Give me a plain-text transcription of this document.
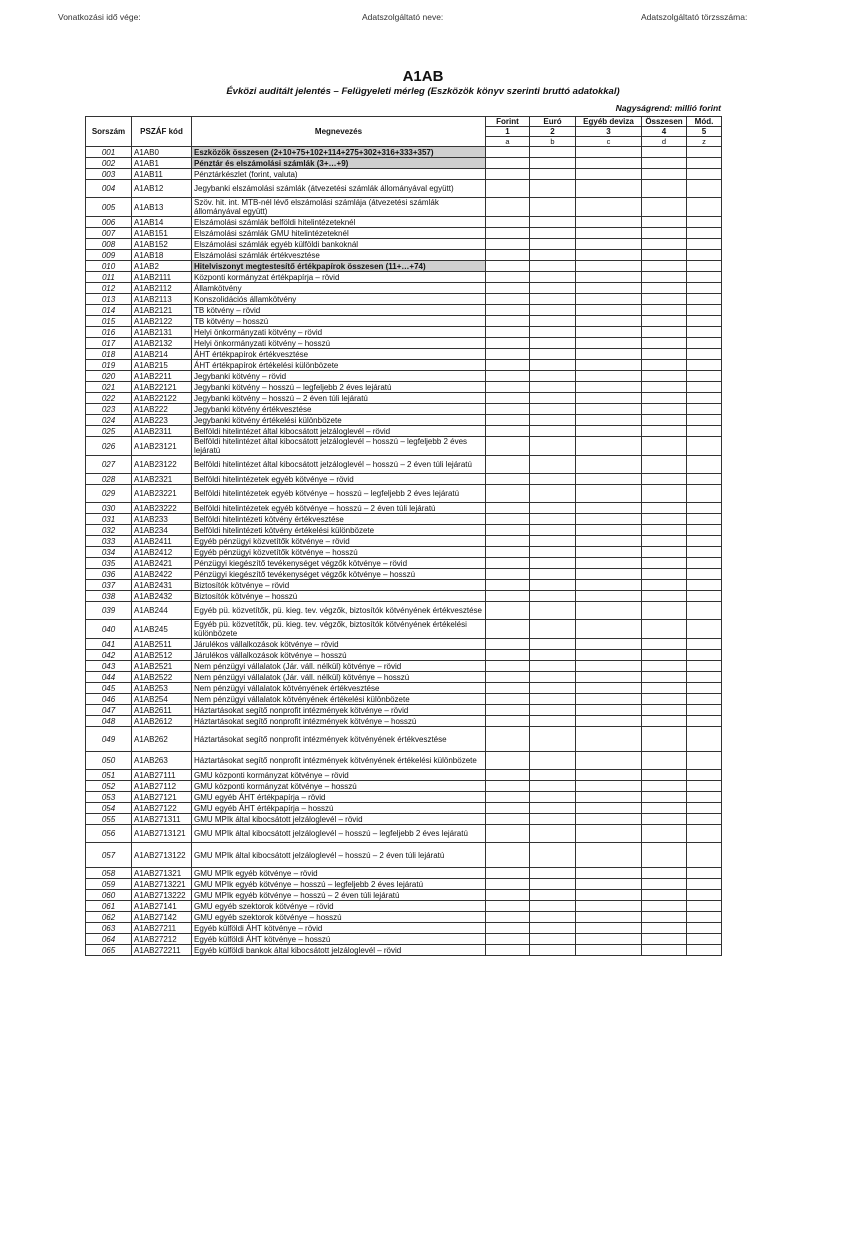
Vonatkozási idő vége:	Adatszolgáltató neve:	Adatszolgáltató törzsszáma:
A1AB
Évközi auditált jelentés – Felügyeleti mérleg (Eszközök könyv szerinti bruttó adatokkal)
Nagyságrend: millió forint
Sorszám	PSZÁF kód	Megnevezés	Forint	Euró	Egyéb deviza	Összesen	Mód.
			1	2	3	4	5
			a	b	c	d	z
001	A1AB0	Eszközök összesen (2+10+75+102+114+275+302+316+333+357)					
002	A1AB1	Pénztár és elszámolási számlák (3+…+9)					
003	A1AB11	Pénztárkészlet (forint, valuta)					
004	A1AB12	Jegybanki elszámolási számlák (átvezetési számlák állományával együtt)					
005	A1AB13	Szöv. hit. int. MTB-nél lévő elszámolási számlája (átvezetési számlák állományával együtt)					
006	A1AB14	Elszámolási számlák belföldi hitelintézeteknél					
007	A1AB151	Elszámolási számlák GMU hitelintézeteknél					
008	A1AB152	Elszámolási számlák egyéb külföldi bankoknál					
009	A1AB18	Elszámolási számlák értékvesztése					
010	A1AB2	Hitelviszonyt megtestesítő értékpapírok összesen (11+…+74)					
011	A1AB2111	Központi kormányzat értékpapírja – rövid					
012	A1AB2112	Államkötvény					
013	A1AB2113	Konszolidációs államkötvény					
014	A1AB2121	TB kötvény – rövid					
015	A1AB2122	TB kötvény – hosszú					
016	A1AB2131	Helyi önkormányzati kötvény – rövid					
017	A1AB2132	Helyi önkormányzati kötvény – hosszú					
018	A1AB214	ÁHT értékpapírok értékvesztése					
019	A1AB215	ÁHT értékpapírok értékelési különbözete					
020	A1AB2211	Jegybanki kötvény – rövid					
021	A1AB22121	Jegybanki kötvény – hosszú – legfeljebb 2 éves lejáratú					
022	A1AB22122	Jegybanki kötvény – hosszú – 2 éven túli lejáratú					
023	A1AB222	Jegybanki kötvény értékvesztése					
024	A1AB223	Jegybanki kötvény értékelési különbözete					
025	A1AB2311	Belföldi hitelintézet által kibocsátott jelzáloglevél – rövid					
026	A1AB23121	Belföldi hitelintézet által kibocsátott jelzáloglevél – hosszú – legfeljebb 2 éves lejáratú					
027	A1AB23122	Belföldi hitelintézet által kibocsátott jelzáloglevél – hosszú – 2 éven túli lejáratú					
028	A1AB2321	Belföldi hitelintézetek egyéb kötvénye – rövid					
029	A1AB23221	Belföldi hitelintézetek egyéb kötvénye – hosszú – legfeljebb 2 éves lejáratú					
030	A1AB23222	Belföldi hitelintézetek egyéb kötvénye – hosszú – 2 éven túli lejáratú					
031	A1AB233	Belföldi hitelintézeti kötvény értékvesztése					
032	A1AB234	Belföldi hitelintézeti kötvény értékelési különbözete					
033	A1AB2411	Egyéb pénzügyi közvetítők kötvénye – rövid					
034	A1AB2412	Egyéb pénzügyi közvetítők kötvénye – hosszú					
035	A1AB2421	Pénzügyi kiegészítő tevékenységet végzők kötvénye – rövid					
036	A1AB2422	Pénzügyi kiegészítő tevékenységet végzők kötvénye – hosszú					
037	A1AB2431	Biztosítók kötvénye – rövid					
038	A1AB2432	Biztosítók kötvénye – hosszú					
039	A1AB244	Egyéb pü. közvetítők, pü. kieg. tev. végzők, biztosítók kötvényének értékvesztése					
040	A1AB245	Egyéb pü. közvetítők, pü. kieg. tev. végzők, biztosítók kötvényének értékelési különbözete					
041	A1AB2511	Járulékos vállalkozások kötvénye – rövid					
042	A1AB2512	Járulékos vállalkozások kötvénye – hosszú					
043	A1AB2521	Nem pénzügyi vállalatok (Jár. váll. nélkül) kötvénye – rövid					
044	A1AB2522	Nem pénzügyi vállalatok (Jár. váll. nélkül) kötvénye – hosszú					
045	A1AB253	Nem pénzügyi vállalatok kötvényének értékvesztése					
046	A1AB254	Nem pénzügyi vállalatok kötvényének értékelési különbözete					
047	A1AB2611	Háztartásokat segítő nonprofit intézmények kötvénye – rövid					
048	A1AB2612	Háztartásokat segítő nonprofit intézmények kötvénye – hosszú					
049	A1AB262	Háztartásokat segítő nonprofit intézmények kötvényének értékvesztése					
050	A1AB263	Háztartásokat segítő nonprofit intézmények kötvényének értékelési különbözete					
051	A1AB27111	GMU központi kormányzat kötvénye – rövid					
052	A1AB27112	GMU központi kormányzat kötvénye – hosszú					
053	A1AB27121	GMU egyéb ÁHT értékpapírja – rövid					
054	A1AB27122	GMU egyéb ÁHT értékpapírja – hosszú					
055	A1AB271311	GMU MPIk által kibocsátott jelzáloglevél – rövid					
056	A1AB2713121	GMU MPIk által kibocsátott jelzáloglevél – hosszú – legfeljebb 2 éves lejáratú					
057	A1AB2713122	GMU MPIk által kibocsátott jelzáloglevél – hosszú – 2 éven túli lejáratú					
058	A1AB271321	GMU MPIk egyéb kötvénye – rövid					
059	A1AB2713221	GMU MPIk egyéb kötvénye – hosszú – legfeljebb 2 éves lejáratú					
060	A1AB2713222	GMU MPIk egyéb kötvénye – hosszú – 2 éven túli lejáratú					
061	A1AB27141	GMU egyéb szektorok kötvénye – rövid					
062	A1AB27142	GMU egyéb szektorok kötvénye – hosszú					
063	A1AB27211	Egyéb külföldi ÁHT kötvénye – rövid					
064	A1AB27212	Egyéb külföldi ÁHT kötvénye – hosszú					
065	A1AB272211	Egyéb külföldi bankok által kibocsátott jelzáloglevél – rövid					
